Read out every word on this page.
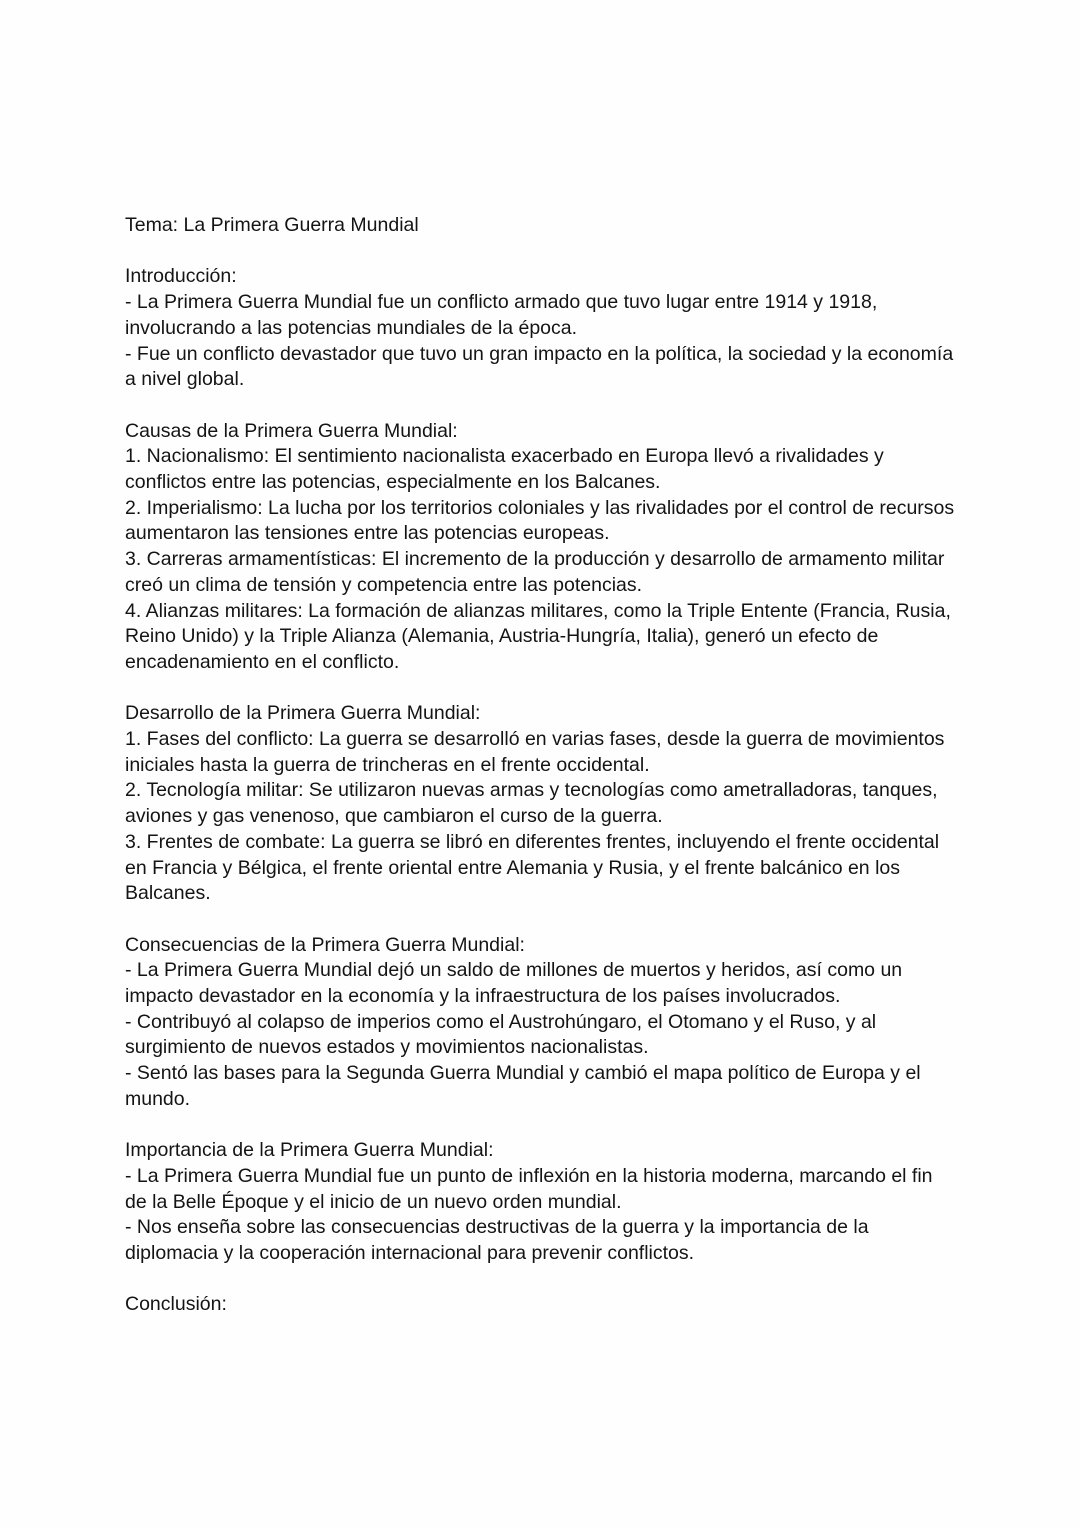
Tema: La Primera Guerra Mundial
Introducción:
- La Primera Guerra Mundial fue un conflicto armado que tuvo lugar entre 1914 y 1918,
involucrando a las potencias mundiales de la época.
- Fue un conflicto devastador que tuvo un gran impacto en la política, la sociedad y la economía
a nivel global.
Causas de la Primera Guerra Mundial:
1. Nacionalismo: El sentimiento nacionalista exacerbado en Europa llevó a rivalidades y
conflictos entre las potencias, especialmente en los Balcanes.
2. Imperialismo: La lucha por los territorios coloniales y las rivalidades por el control de recursos
aumentaron las tensiones entre las potencias europeas.
3. Carreras armamentísticas: El incremento de la producción y desarrollo de armamento militar
creó un clima de tensión y competencia entre las potencias.
4. Alianzas militares: La formación de alianzas militares, como la Triple Entente (Francia, Rusia,
Reino Unido) y la Triple Alianza (Alemania, Austria-Hungría, Italia), generó un efecto de
encadenamiento en el conflicto.
Desarrollo de la Primera Guerra Mundial:
1. Fases del conflicto: La guerra se desarrolló en varias fases, desde la guerra de movimientos
iniciales hasta la guerra de trincheras en el frente occidental.
2. Tecnología militar: Se utilizaron nuevas armas y tecnologías como ametralladoras, tanques,
aviones y gas venenoso, que cambiaron el curso de la guerra.
3. Frentes de combate: La guerra se libró en diferentes frentes, incluyendo el frente occidental
en Francia y Bélgica, el frente oriental entre Alemania y Rusia, y el frente balcánico en los
Balcanes.
Consecuencias de la Primera Guerra Mundial:
- La Primera Guerra Mundial dejó un saldo de millones de muertos y heridos, así como un
impacto devastador en la economía y la infraestructura de los países involucrados.
- Contribuyó al colapso de imperios como el Austrohúngaro, el Otomano y el Ruso, y al
surgimiento de nuevos estados y movimientos nacionalistas.
- Sentó las bases para la Segunda Guerra Mundial y cambió el mapa político de Europa y el
mundo.
Importancia de la Primera Guerra Mundial:
- La Primera Guerra Mundial fue un punto de inflexión en la historia moderna, marcando el fin
de la Belle Époque y el inicio de un nuevo orden mundial.
- Nos enseña sobre las consecuencias destructivas de la guerra y la importancia de la
diplomacia y la cooperación internacional para prevenir conflictos.
Conclusión:
